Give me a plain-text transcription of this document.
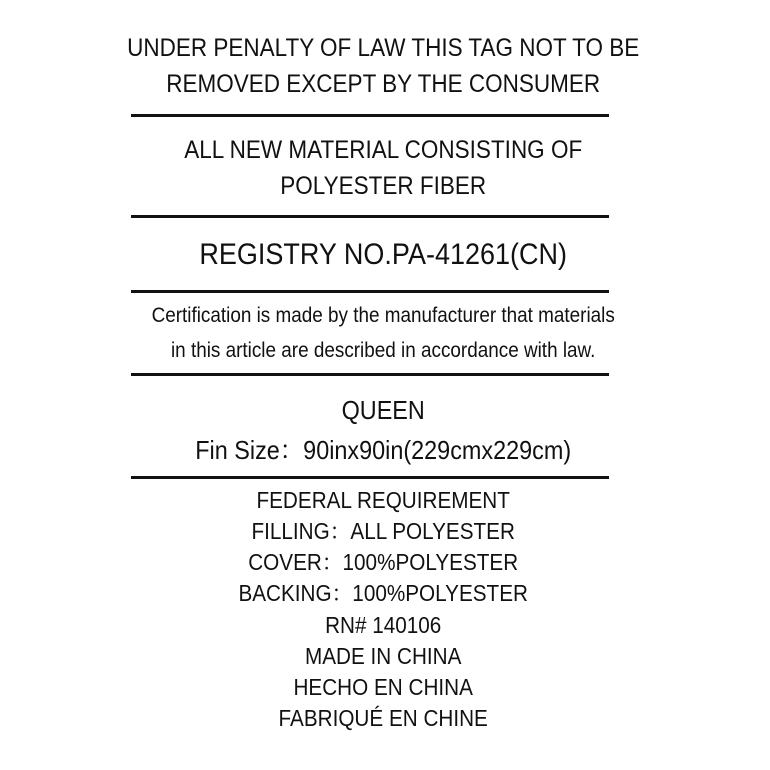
UNDER PENALTY OF LAW THIS TAG NOT TO BE
REMOVED EXCEPT BY THE CONSUMER
ALL NEW MATERIAL CONSISTING OF
POLYESTER FIBER
REGISTRY NO.PA-41261(CN)
Certification is made by the manufacturer that materials
in this article are described in accordance with law.
QUEEN
Fin Size：90inx90in(229cmx229cm)
FEDERAL REQUIREMENT
FILLING：ALL POLYESTER
COVER：100%POLYESTER
BACKING：100%POLYESTER
RN# 140106
MADE IN CHINA
HECHO EN CHINA
FABRIQUÉ EN CHINE
